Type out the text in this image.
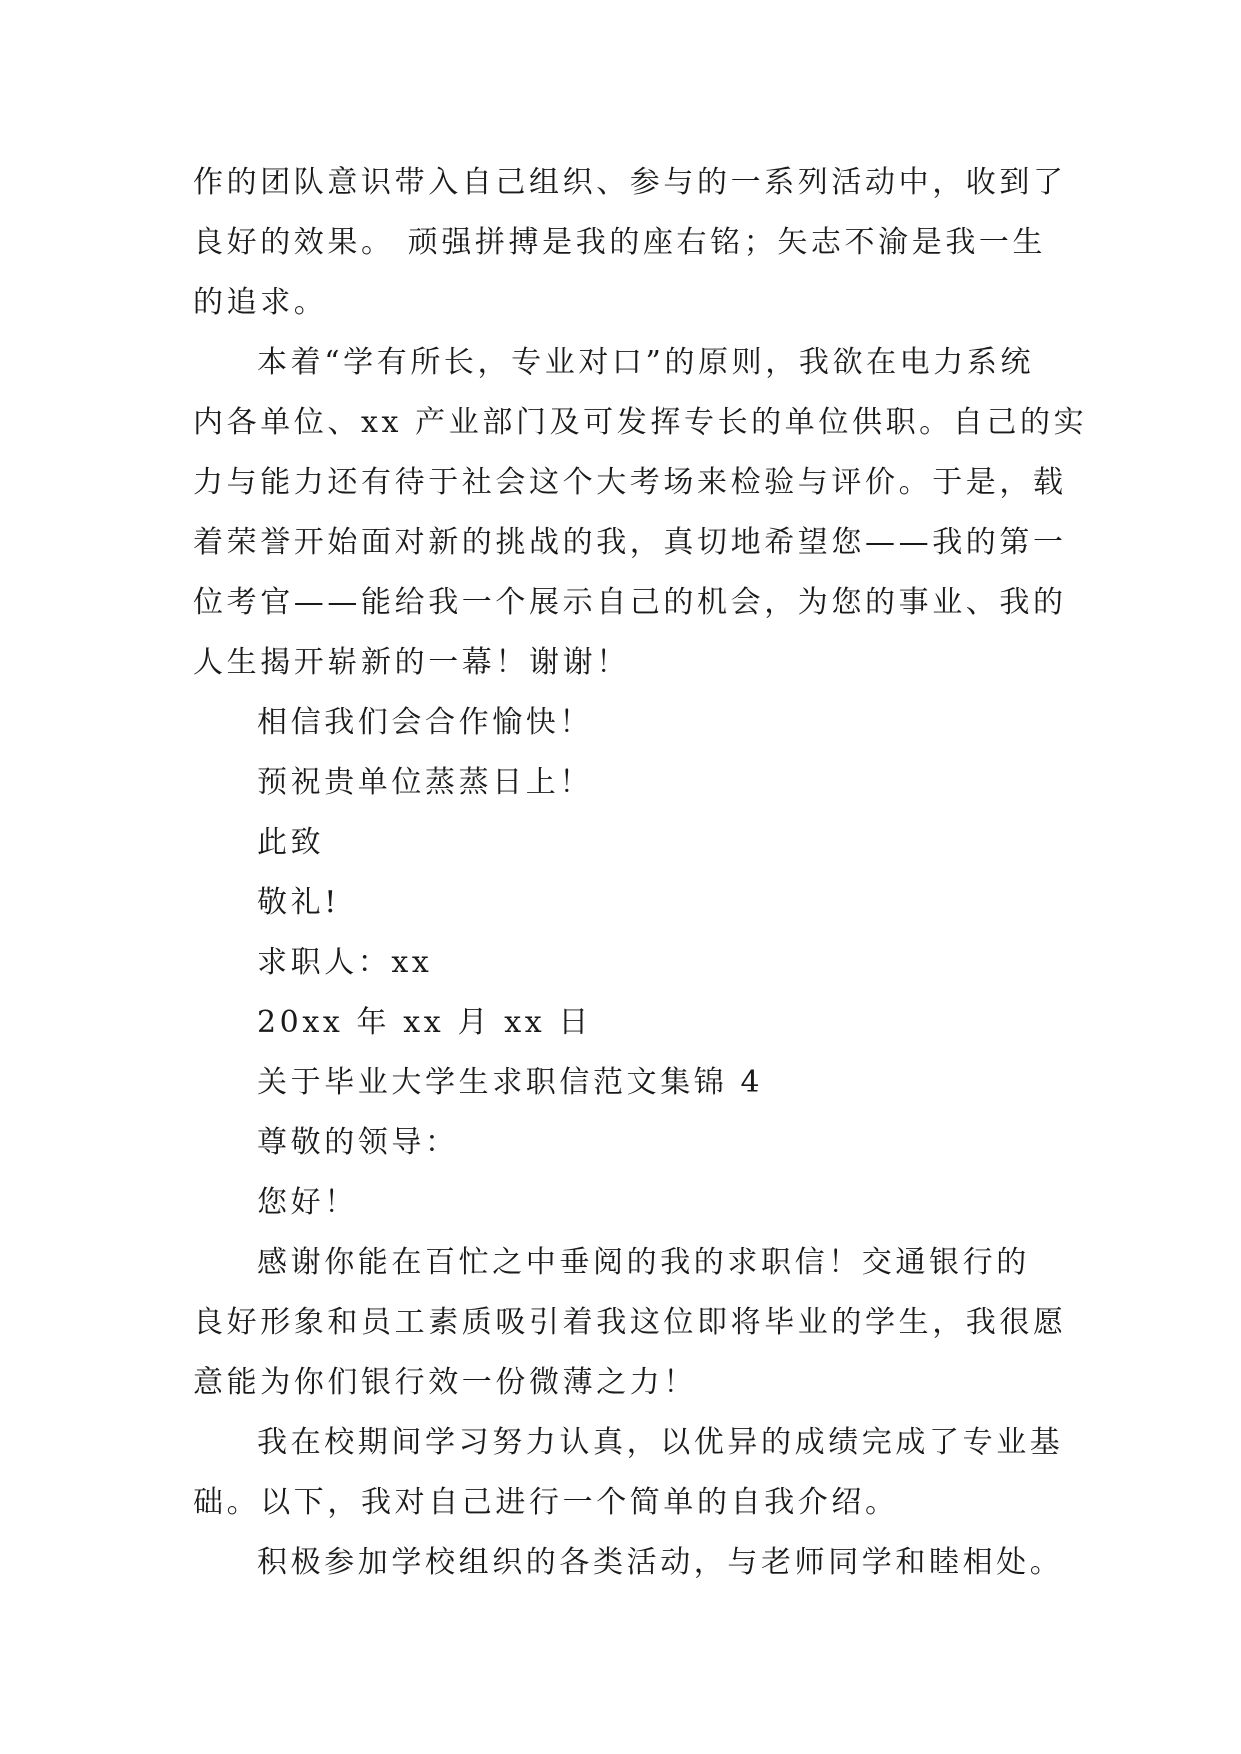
作的团队意识带入自己组织、参与的一系列活动中，收到了
良好的效果。 顽强拼搏是我的座右铭；矢志不渝是我一生
的追求。
本着“学有所长，专业对口”的原则，我欲在电力系统
内各单位、xx 产业部门及可发挥专长的单位供职。自己的实
力与能力还有待于社会这个大考场来检验与评价。于是，载
着荣誉开始面对新的挑战的我，真切地希望您——我的第一
位考官——能给我一个展示自己的机会，为您的事业、我的
人生揭开崭新的一幕！谢谢！
相信我们会合作愉快！
预祝贵单位蒸蒸日上！
此致
敬礼!
求职人：xx
20xx 年 xx 月 xx 日
关于毕业大学生求职信范文集锦 4
尊敬的领导：
您好！
感谢你能在百忙之中垂阅的我的求职信！交通银行的
良好形象和员工素质吸引着我这位即将毕业的学生，我很愿
意能为你们银行效一份微薄之力！
我在校期间学习努力认真，以优异的成绩完成了专业基
础。以下，我对自己进行一个简单的自我介绍。
积极参加学校组织的各类活动，与老师同学和睦相处。
